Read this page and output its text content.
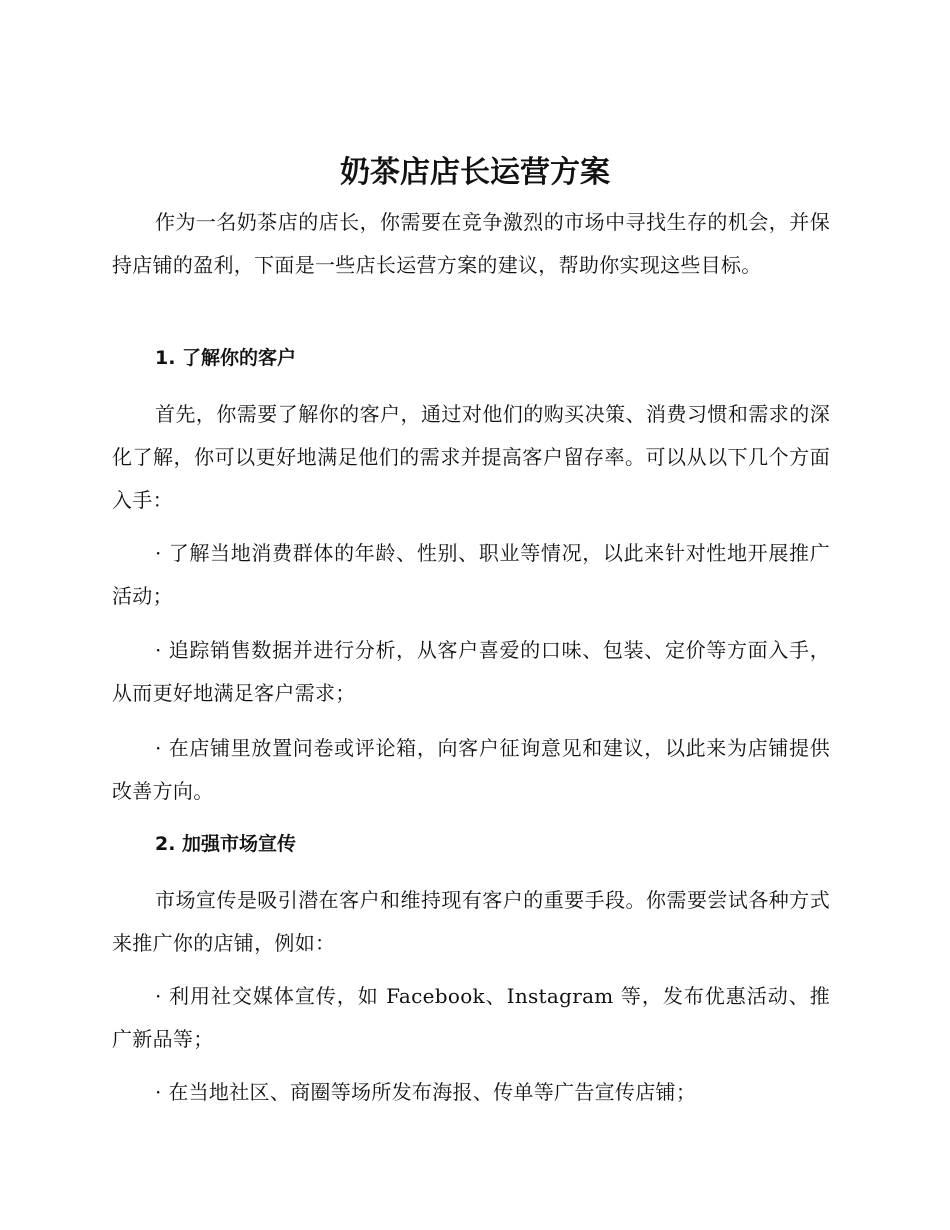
奶茶店店长运营方案

作为一名奶茶店的店长，你需要在竞争激烈的市场中寻找生存的机会，并保持店铺的盈利，下面是一些店长运营方案的建议，帮助你实现这些目标。

1. 了解你的客户

首先，你需要了解你的客户，通过对他们的购买决策、消费习惯和需求的深化了解，你可以更好地满足他们的需求并提高客户留存率。可以从以下几个方面入手：

· 了解当地消费群体的年龄、性别、职业等情况，以此来针对性地开展推广活动；

· 追踪销售数据并进行分析，从客户喜爱的口味、包装、定价等方面入手，从而更好地满足客户需求；

· 在店铺里放置问卷或评论箱，向客户征询意见和建议，以此来为店铺提供改善方向。

2. 加强市场宣传

市场宣传是吸引潜在客户和维持现有客户的重要手段。你需要尝试各种方式来推广你的店铺，例如：

· 利用社交媒体宣传，如 Facebook、Instagram 等，发布优惠活动、推广新品等；

· 在当地社区、商圈等场所发布海报、传单等广告宣传店铺；
